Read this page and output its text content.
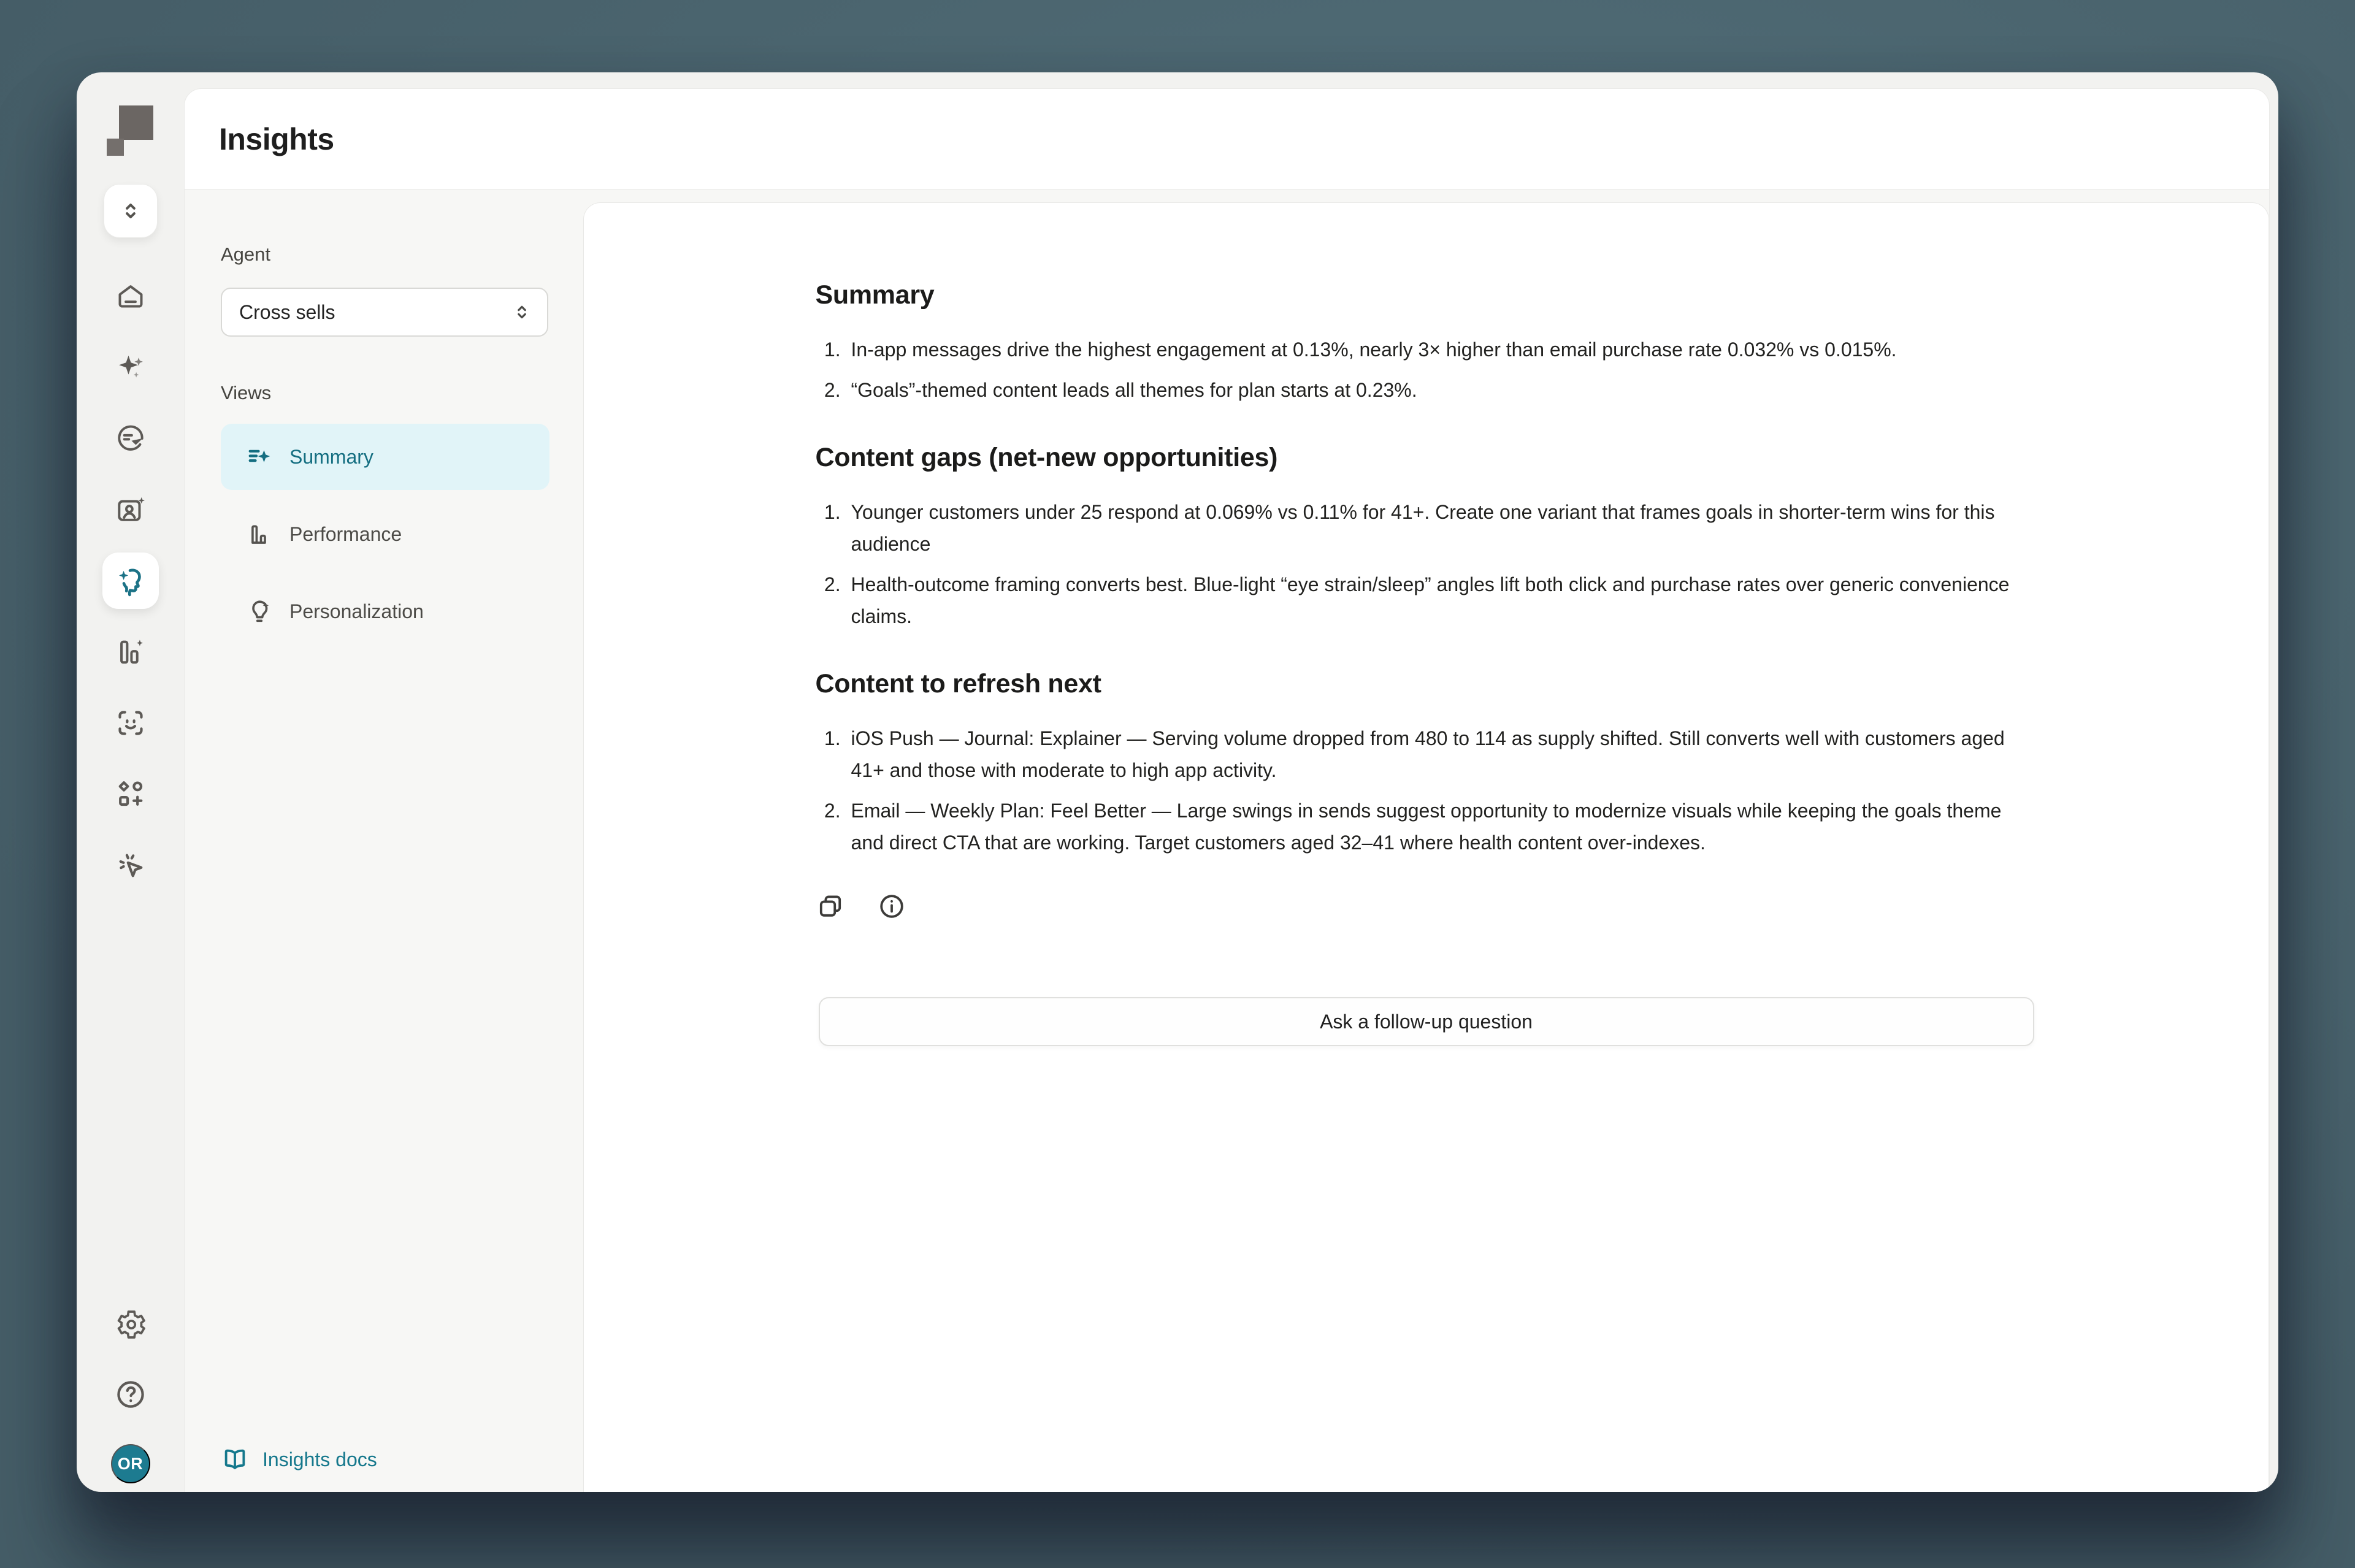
OR
Insights
Agent
Cross sells
Views
Summary
Performance
Personalization
Insights docs
Summary
1. In-app messages drive the highest engagement at 0.13%, nearly 3× higher than email purchase rate 0.032% vs 0.015%.
2. “Goals”-themed content leads all themes for plan starts at 0.23%.
Content gaps (net-new opportunities)
1. Younger customers under 25 respond at 0.069% vs 0.11% for 41+. Create one variant that frames goals in shorter-term wins for this audience
2. Health-outcome framing converts best. Blue-light “eye strain/sleep” angles lift both click and purchase rates over generic convenience claims.
Content to refresh next
1. iOS Push — Journal: Explainer — Serving volume dropped from 480 to 114 as supply shifted. Still converts well with customers aged 41+ and those with moderate to high app activity.
2. Email — Weekly Plan: Feel Better — Large swings in sends suggest opportunity to modernize visuals while keeping the goals theme and direct CTA that are working. Target customers aged 32–41 where health content over-indexes.
Ask a follow-up question
